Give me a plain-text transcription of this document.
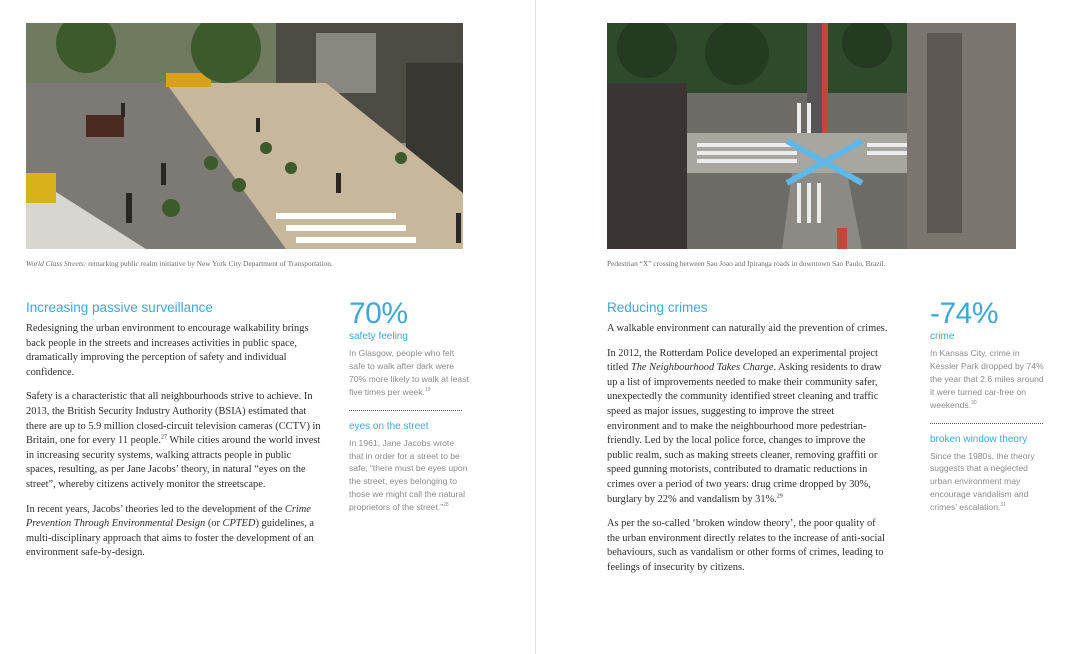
World Class Streets: remarking public realm initiative by New York City Department of Transportation.
Increasing passive surveillance

Redesigning the urban environment to encourage walkability brings back people in the streets and increases activities in public space, dramatically improving the perception of safety and individual confidence.

Safety is a characteristic that all neighbourhoods strive to achieve. In 2013, the British Security Industry Authority (BSIA) estimated that there are up to 5.9 million closed-circuit television cameras (CCTV) in Britain, one for every 11 people.$^{27}$ While cities around the world invest in increasing security systems, walking attracts people in public spaces, resulting, as per Jane Jacobs’ theory, in natural “eyes on the street”, whereby citizens actively monitor the streetscape.

In recent years, Jacobs’ theories led to the development of the Crime Prevention Through Environmental Design (or CPTED) guidelines, a multi-disciplinary approach that aims to foster the development of an environment safe-by-design.

70%
safety feeling
In Glasgow, people who felt safe to walk after dark were 70% more likely to walk at least five times per week.$^{19}$
eyes on the street
In 1961, Jane Jacobs wrote that in order for a street to be safe, “there must be eyes upon the street, eyes belonging to those we might call the natural proprietors of the street.”$^{28}$
Pedestrian “X” crossing between Sao Joao and Ipiranga roads in downtown Sao Paulo, Brazil.
Reducing crimes

A walkable environment can naturally aid the prevention of crimes.

In 2012, the Rotterdam Police developed an experimental project titled The Neighbourhood Takes Charge. Asking residents to draw up a list of improvements needed to make their community safer, unexpectedly the community identified street cleaning and traffic speed as major issues, suggesting to improve the street environment and to make the neighbourhood more pedestrian-friendly. Led by the local police force, changes to improve the public realm, such as making streets cleaner, removing graffiti or speed gunning motorists, contributed to dramatic reductions in crimes over a period of two years: drug crime dropped by 30%, burglary by 22% and vandalism by 31%.$^{29}$

As per the so-called ‘broken window theory’, the poor quality of the urban environment directly relates to the increase of anti-social behaviours, such as vandalism or other forms of crimes, leading to feelings of insecurity by citizens.

-74%
crime
In Kansas City, crime in Kessler Park dropped by 74% the year that 2.6 miles around it were turned car-free on weekends.$^{30}$
broken window theory
Since the 1980s, the theory suggests that a neglected urban environment may encourage vandalism and crimes’ escalation.$^{31}$
